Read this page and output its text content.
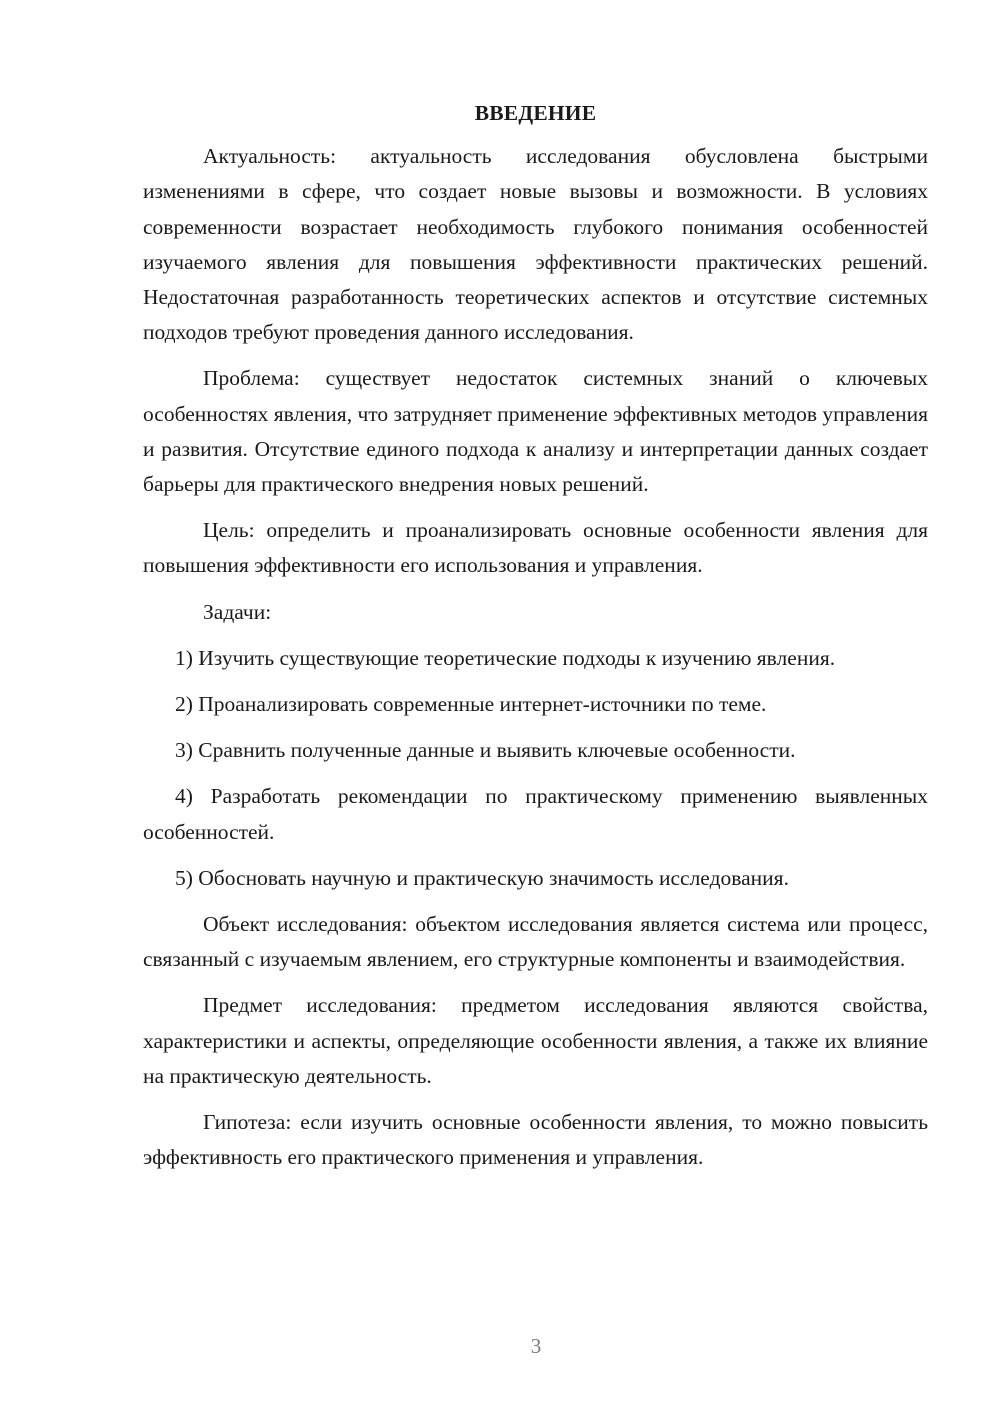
ВВЕДЕНИЕ

Актуальность: актуальность исследования обусловлена быстрыми изменениями в сфере, что создает новые вызовы и возможности. В условиях современности возрастает необходимость глубокого понимания особенностей изучаемого явления для повышения эффективности практических решений. Недостаточная разработанность теоретических аспектов и отсутствие системных подходов требуют проведения данного исследования.

Проблема: существует недостаток системных знаний о ключевых особенностях явления, что затрудняет применение эффективных методов управления и развития. Отсутствие единого подхода к анализу и интерпретации данных создает барьеры для практического внедрения новых решений.

Цель: определить и проанализировать основные особенности явления для повышения эффективности его использования и управления.

Задачи:

1) Изучить существующие теоретические подходы к изучению явления.

2) Проанализировать современные интернет-источники по теме.

3) Сравнить полученные данные и выявить ключевые особенности.

4) Разработать рекомендации по практическому применению выявленных особенностей.

5) Обосновать научную и практическую значимость исследования.

Объект исследования: объектом исследования является система или процесс, связанный с изучаемым явлением, его структурные компоненты и взаимодействия.

Предмет исследования: предметом исследования являются свойства, характеристики и аспекты, определяющие особенности явления, а также их влияние на практическую деятельность.

Гипотеза: если изучить основные особенности явления, то можно повысить эффективность его практического применения и управления.

3
